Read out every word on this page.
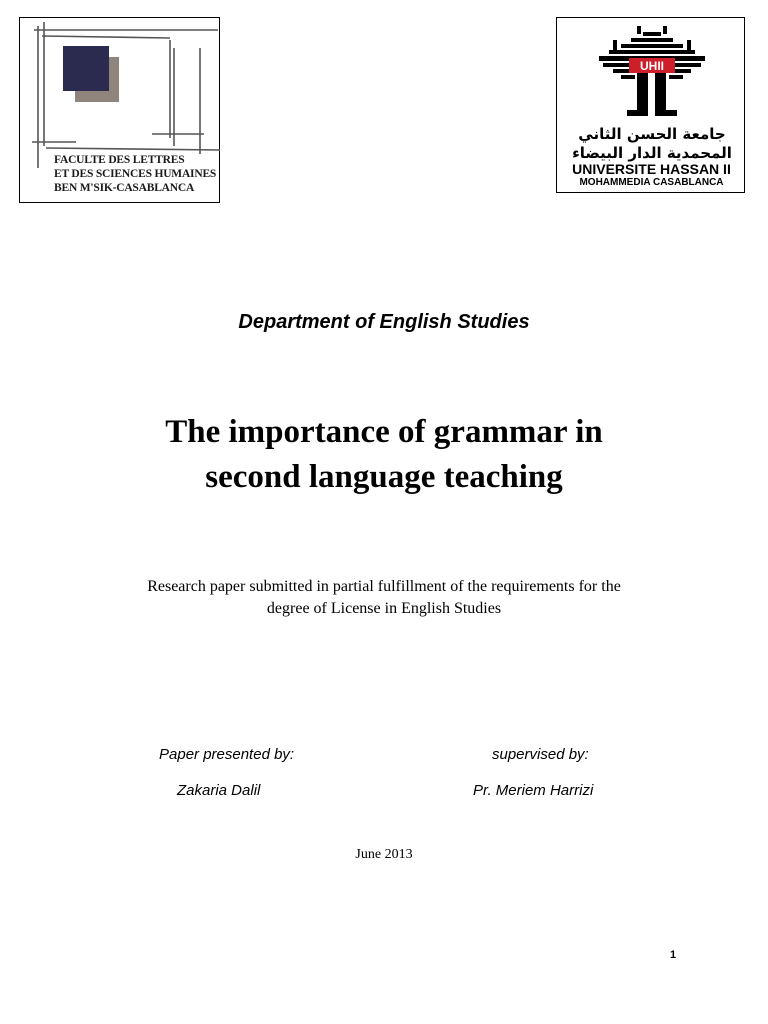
FACULTE DES LETTRES
ET DES SCIENCES HUMAINES
BEN M'SIK-CASABLANCA
UHII
جامعة الحسن الثاني
المحمدية الدار البيضاء
UNIVERSITE HASSAN II
MOHAMMEDIA CASABLANCA
Department of English Studies
The importance of grammar in
second language teaching
Research paper submitted in partial fulfillment of the requirements for the
degree of License in English Studies
Paper presented by:	supervised by:
Zakaria Dalil	Pr. Meriem Harrizi
June 2013
1
